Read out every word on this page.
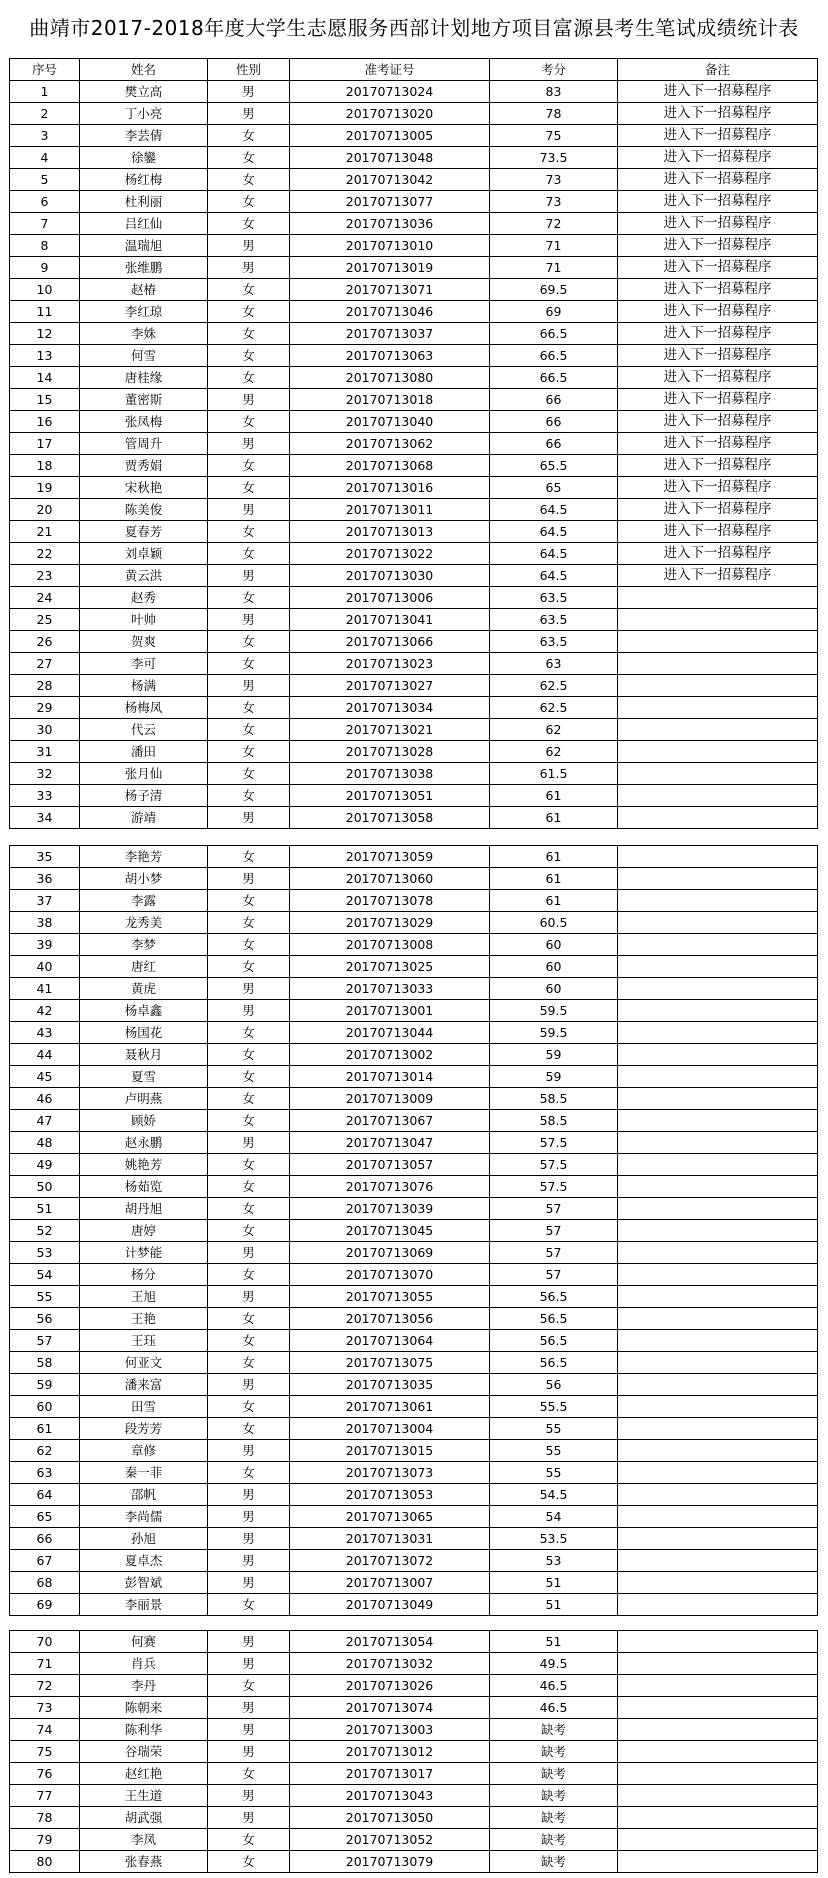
曲靖市2017-2018年度大学生志愿服务西部计划地方项目富源县考生笔试成绩统计表
序号	姓名	性别	准考证号	考分	备注
1	樊立高	男	20170713024	83	进入下一招募程序
2	丁小亮	男	20170713020	78	进入下一招募程序
3	李芸倩	女	20170713005	75	进入下一招募程序
4	徐鑾	女	20170713048	73.5	进入下一招募程序
5	杨红梅	女	20170713042	73	进入下一招募程序
6	杜利丽	女	20170713077	73	进入下一招募程序
7	吕红仙	女	20170713036	72	进入下一招募程序
8	温瑞旭	男	20170713010	71	进入下一招募程序
9	张维鹏	男	20170713019	71	进入下一招募程序
10	赵椿	女	20170713071	69.5	进入下一招募程序
11	李红琼	女	20170713046	69	进入下一招募程序
12	李姝	女	20170713037	66.5	进入下一招募程序
13	何雪	女	20170713063	66.5	进入下一招募程序
14	唐桂缘	女	20170713080	66.5	进入下一招募程序
15	董密斯	男	20170713018	66	进入下一招募程序
16	张凤梅	女	20170713040	66	进入下一招募程序
17	管周升	男	20170713062	66	进入下一招募程序
18	贾秀娟	女	20170713068	65.5	进入下一招募程序
19	宋秋艳	女	20170713016	65	进入下一招募程序
20	陈美俊	男	20170713011	64.5	进入下一招募程序
21	夏春芳	女	20170713013	64.5	进入下一招募程序
22	刘卓颖	女	20170713022	64.5	进入下一招募程序
23	黄云洪	男	20170713030	64.5	进入下一招募程序
24	赵秀	女	20170713006	63.5	
25	叶帅	男	20170713041	63.5	
26	贺爽	女	20170713066	63.5	
27	李可	女	20170713023	63	
28	杨满	男	20170713027	62.5	
29	杨梅凤	女	20170713034	62.5	
30	代云	女	20170713021	62	
31	潘田	女	20170713028	62	
32	张月仙	女	20170713038	61.5	
33	杨子清	女	20170713051	61	
34	游靖	男	20170713058	61	
35	李艳芳	女	20170713059	61	
36	胡小梦	男	20170713060	61	
37	李露	女	20170713078	61	
38	龙秀美	女	20170713029	60.5	
39	李梦	女	20170713008	60	
40	唐红	女	20170713025	60	
41	黄虎	男	20170713033	60	
42	杨卓鑫	男	20170713001	59.5	
43	杨国花	女	20170713044	59.5	
44	聂秋月	女	20170713002	59	
45	夏雪	女	20170713014	59	
46	卢明燕	女	20170713009	58.5	
47	顾娇	女	20170713067	58.5	
48	赵永鹏	男	20170713047	57.5	
49	姚艳芳	女	20170713057	57.5	
50	杨茹览	女	20170713076	57.5	
51	胡丹旭	女	20170713039	57	
52	唐婷	女	20170713045	57	
53	计梦能	男	20170713069	57	
54	杨分	女	20170713070	57	
55	王旭	男	20170713055	56.5	
56	王艳	女	20170713056	56.5	
57	王珏	女	20170713064	56.5	
58	何亚文	女	20170713075	56.5	
59	潘来富	男	20170713035	56	
60	田雪	女	20170713061	55.5	
61	段芳芳	女	20170713004	55	
62	章修	男	20170713015	55	
63	秦一菲	女	20170713073	55	
64	邵帆	男	20170713053	54.5	
65	李尚儒	男	20170713065	54	
66	孙旭	男	20170713031	53.5	
67	夏卓杰	男	20170713072	53	
68	彭智斌	男	20170713007	51	
69	李丽景	女	20170713049	51	
70	何赛	男	20170713054	51	
71	肖兵	男	20170713032	49.5	
72	李丹	女	20170713026	46.5	
73	陈朝来	男	20170713074	46.5	
74	陈利华	男	20170713003	缺考	
75	谷瑞荣	男	20170713012	缺考	
76	赵红艳	女	20170713017	缺考	
77	王生道	男	20170713043	缺考	
78	胡武强	男	20170713050	缺考	
79	李凤	女	20170713052	缺考	
80	张春燕	女	20170713079	缺考	
